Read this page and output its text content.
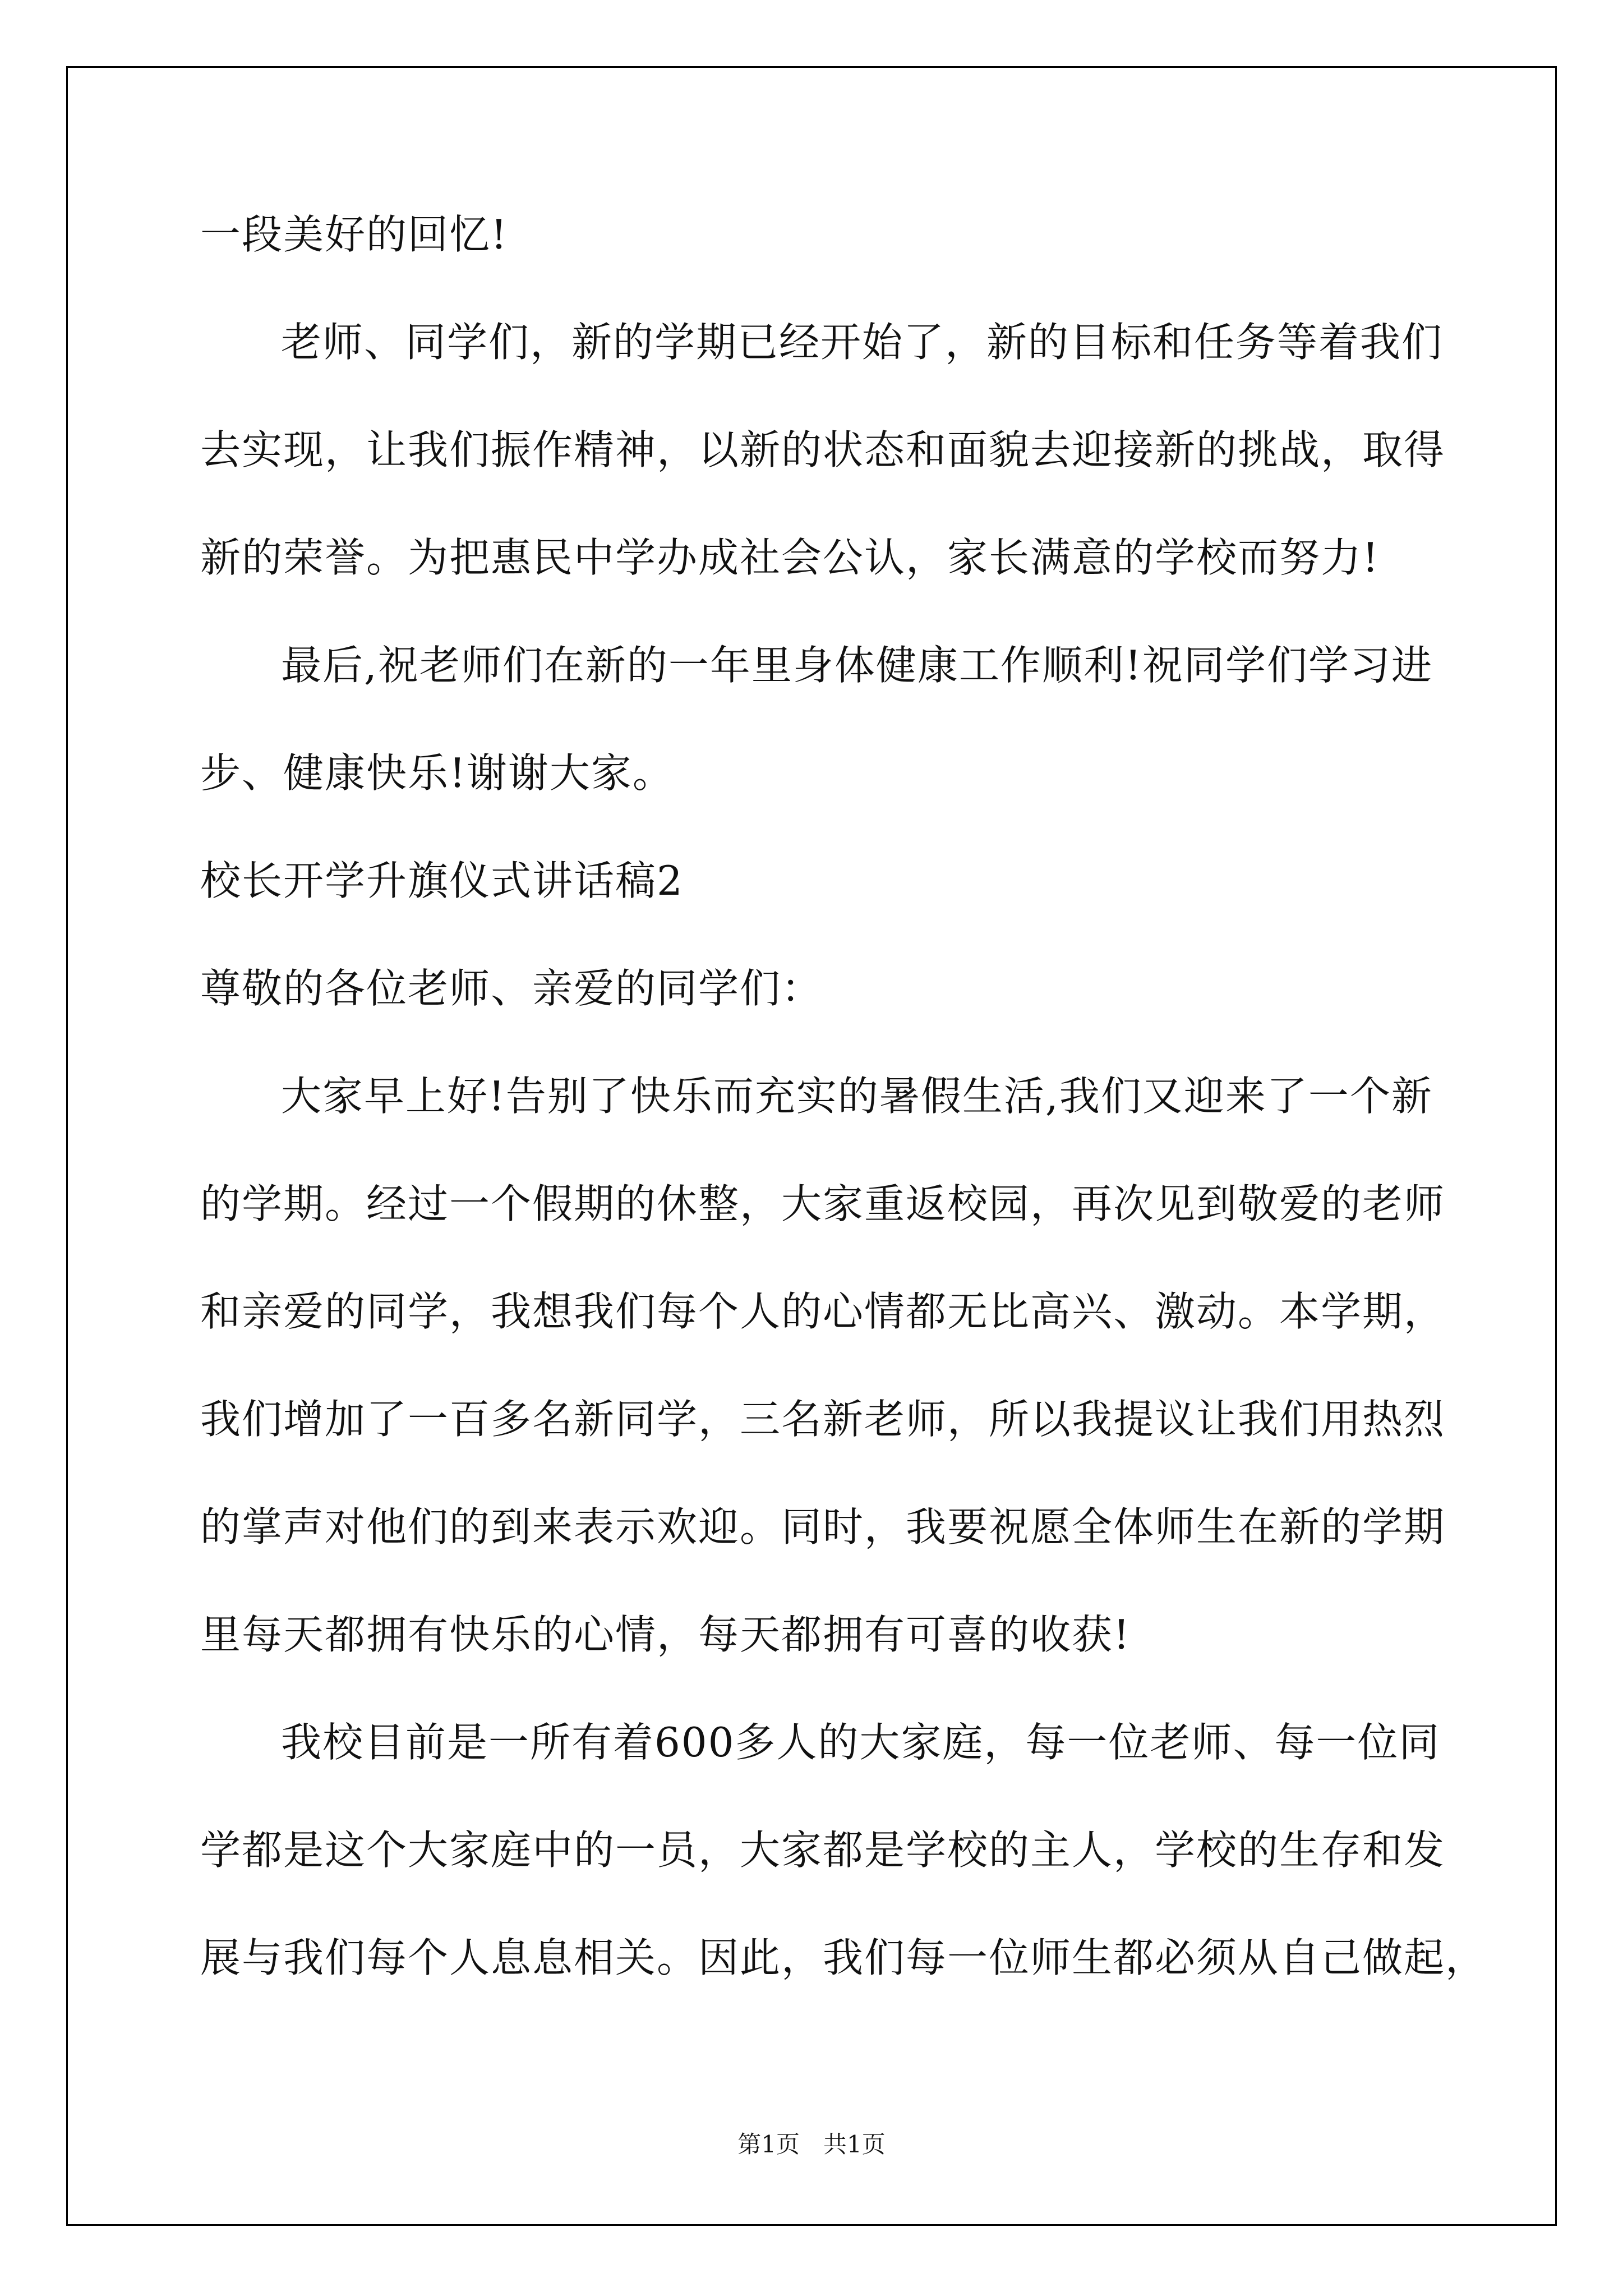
一段美好的回忆!
老师、同学们，新的学期已经开始了，新的目标和任务等着我们
去实现，让我们振作精神，以新的状态和面貌去迎接新的挑战，取得
新的荣誉。为把惠民中学办成社会公认，家长满意的学校而努力!
最后,祝老师们在新的一年里身体健康工作顺利!祝同学们学习进
步、健康快乐!谢谢大家。
校长开学升旗仪式讲话稿2
尊敬的各位老师、亲爱的同学们：
大家早上好!告别了快乐而充实的暑假生活,我们又迎来了一个新
的学期。经过一个假期的休整，大家重返校园，再次见到敬爱的老师
和亲爱的同学，我想我们每个人的心情都无比高兴、激动。本学期，
我们增加了一百多名新同学，三名新老师，所以我提议让我们用热烈
的掌声对他们的到来表示欢迎。同时，我要祝愿全体师生在新的学期
里每天都拥有快乐的心情，每天都拥有可喜的收获!
我校目前是一所有着600多人的大家庭，每一位老师、每一位同
学都是这个大家庭中的一员，大家都是学校的主人，学校的生存和发
展与我们每个人息息相关。因此，我们每一位师生都必须从自己做起，
第1页　共1页
